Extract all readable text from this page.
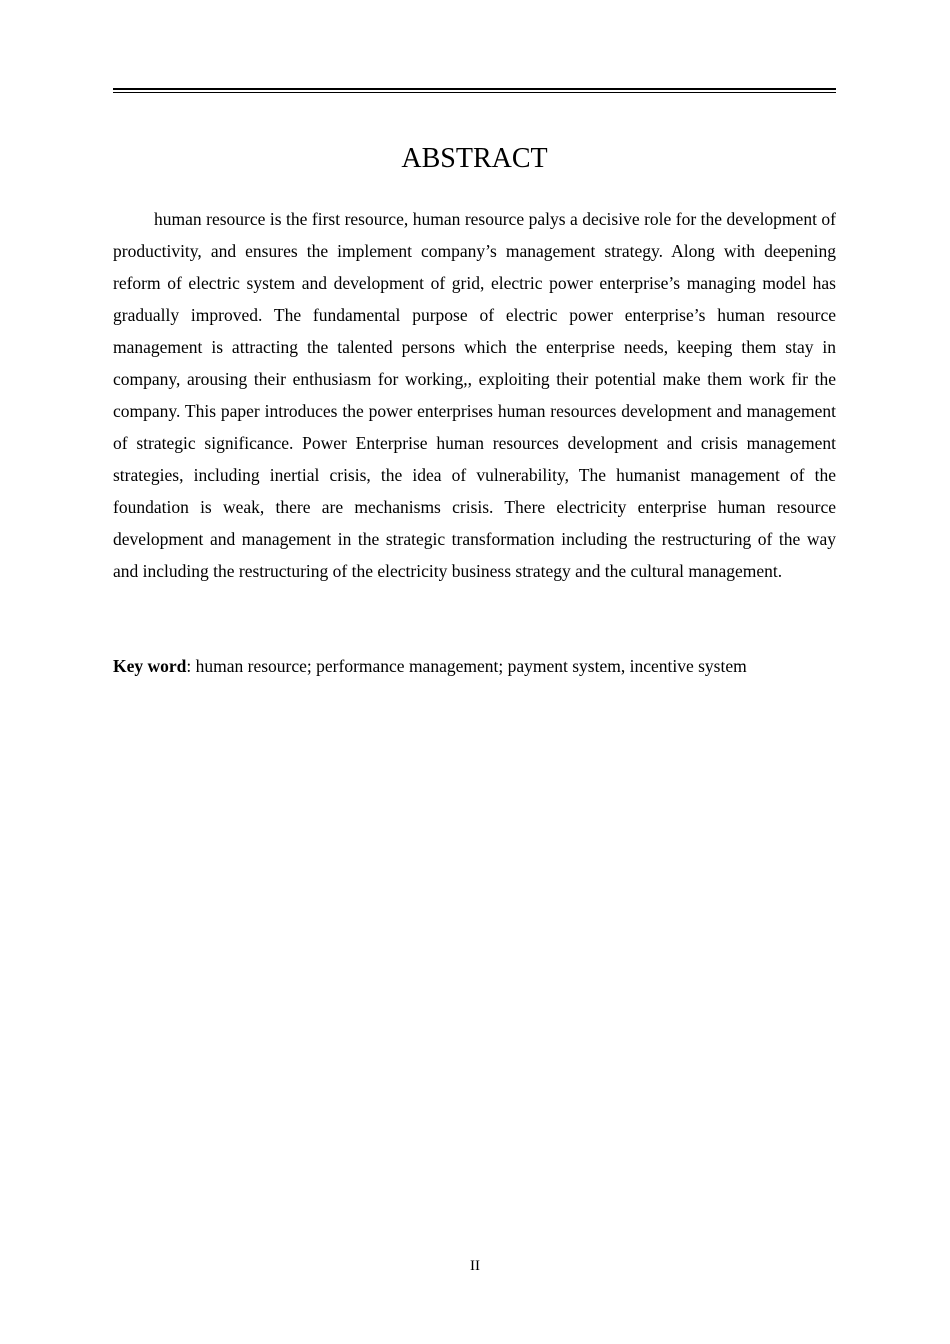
ABSTRACT

human resource is the first resource, human resource palys a decisive role for the development of productivity, and ensures the implement company’s management strategy. Along with deepening reform of electric system and development of grid, electric power enterprise’s managing model has gradually improved. The fundamental purpose of electric power enterprise’s human resource management is attracting the talented persons which the enterprise needs, keeping them stay in company, arousing their enthusiasm for working,, exploiting their potential make them work fir the company. This paper introduces the power enterprises human resources development and management of strategic significance. Power Enterprise human resources development and crisis management strategies, including inertial crisis, the idea of vulnerability, The humanist management of the foundation is weak, there are mechanisms crisis. There electricity enterprise human resource development and management in the strategic transformation including the restructuring of the way and including the restructuring of the electricity business strategy and the cultural management.

Key word: human resource; performance management; payment system, incentive system

II
